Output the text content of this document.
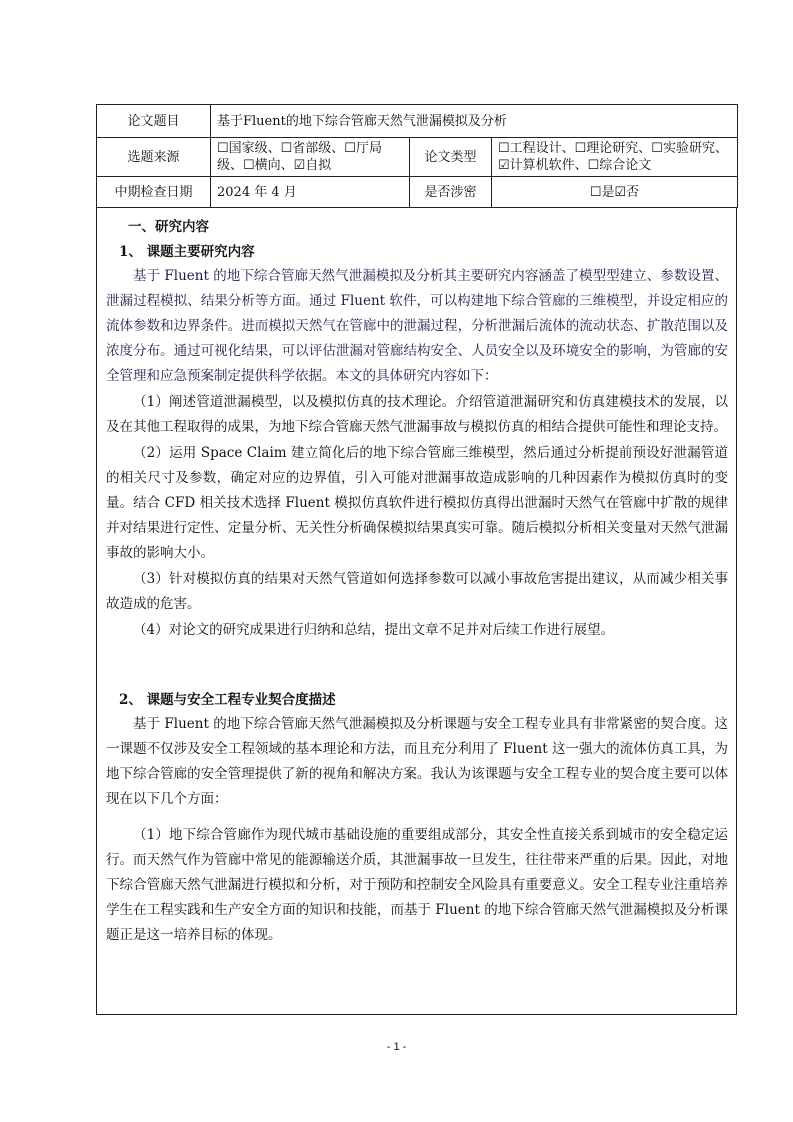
论文题目	基于Fluent的地下综合管廊天然气泄漏模拟及分析		
选题来源	☐国家级、☐省部级、☐厅局级、☐横向、☑自拟	论文类型	☐工程设计、☐理论研究、☐实验研究、☑计算机软件、☐综合论文
中期检查日期	2024 年 4 月	是否涉密	☐是☑否
一、研究内容
1、 课题主要研究内容

基于 Fluent 的地下综合管廊天然气泄漏模拟及分析其主要研究内容涵盖了模型型建立、参数设置、泄漏过程模拟、结果分析等方面。通过 Fluent 软件，可以构建地下综合管廊的三维模型，并设定相应的流体参数和边界条件。进而模拟天然气在管廊中的泄漏过程，分析泄漏后流体的流动状态、扩散范围以及浓度分布。通过可视化结果，可以评估泄漏对管廊结构安全、人员安全以及环境安全的影响，为管廊的安全管理和应急预案制定提供科学依据。本文的具体研究内容如下：

（1）阐述管道泄漏模型，以及模拟仿真的技术理论。介绍管道泄漏研究和仿真建模技术的发展，以及在其他工程取得的成果，为地下综合管廊天然气泄漏事故与模拟仿真的相结合提供可能性和理论支持。

（2）运用 Space Claim 建立简化后的地下综合管廊三维模型，然后通过分析提前预设好泄漏管道的相关尺寸及参数，确定对应的边界值，引入可能对泄漏事故造成影响的几种因素作为模拟仿真时的变量。结合 CFD 相关技术选择 Fluent 模拟仿真软件进行模拟仿真得出泄漏时天然气在管廊中扩散的规律并对结果进行定性、定量分析、无关性分析确保模拟结果真实可靠。随后模拟分析相关变量对天然气泄漏事故的影响大小。

（3）针对模拟仿真的结果对天然气管道如何选择参数可以减小事故危害提出建议，从而减少相关事故造成的危害。

（4）对论文的研究成果进行归纳和总结，提出文章不足并对后续工作进行展望。

2、 课题与安全工程专业契合度描述

基于 Fluent 的地下综合管廊天然气泄漏模拟及分析课题与安全工程专业具有非常紧密的契合度。这一课题不仅涉及安全工程领域的基本理论和方法，而且充分利用了 Fluent 这一强大的流体仿真工具，为地下综合管廊的安全管理提供了新的视角和解决方案。我认为该课题与安全工程专业的契合度主要可以体现在以下几个方面：

（1）地下综合管廊作为现代城市基础设施的重要组成部分，其安全性直接关系到城市的安全稳定运行。而天然气作为管廊中常见的能源输送介质，其泄漏事故一旦发生，往往带来严重的后果。因此，对地下综合管廊天然气泄漏进行模拟和分析，对于预防和控制安全风险具有重要意义。安全工程专业注重培养学生在工程实践和生产安全方面的知识和技能，而基于 Fluent 的地下综合管廊天然气泄漏模拟及分析课题正是这一培养目标的体现。

- 1 -
